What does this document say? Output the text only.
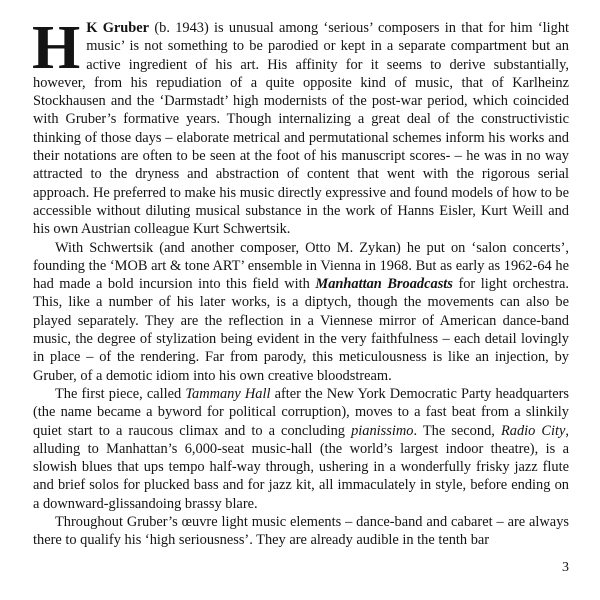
H K Gruber (b. 1943) is unusual among ‘serious’ composers in that for him ‘light music’ is not something to be parodied or kept in a separate compartment but an active ingredient of his art. His affinity for it seems to derive substantially, however, from his repudiation of a quite opposite kind of music, that of Karlheinz Stockhausen and the ‘Darmstadt’ high modernists of the post-war period, which coincided with Gruber’s formative years. Though internalizing a great deal of the constructivistic thinking of those days – elaborate metrical and permutational schemes inform his works and their notations are often to be seen at the foot of his manuscript scores- – he was in no way attracted to the dryness and abstraction of content that went with the rigorous serial approach. He preferred to make his music directly expressive and found models of how to be accessible without diluting musical substance in the work of Hanns Eisler, Kurt Weill and his own Austrian colleague Kurt Schwertsik.

With Schwertsik (and another composer, Otto M. Zykan) he put on ‘salon concerts’, founding the ‘MOB art & tone ART’ ensemble in Vienna in 1968. But as early as 1962-64 he had made a bold incursion into this field with Manhattan Broadcasts for light orchestra. This, like a number of his later works, is a diptych, though the movements can also be played separately. They are the reflection in a Viennese mirror of American dance-band music, the degree of stylization being evident in the very faithfulness – each detail lovingly in place – of the rendering. Far from parody, this meticulousness is like an injection, by Gruber, of a demotic idiom into his own creative bloodstream.

The first piece, called Tammany Hall after the New York Democratic Party headquarters (the name became a byword for political corruption), moves to a fast beat from a slinkily quiet start to a raucous climax and to a concluding pianissimo. The second, Radio City, alluding to Manhattan’s 6,000-seat music-hall (the world’s largest indoor theatre), is a slowish blues that ups tempo half-way through, ushering in a wonderfully frisky jazz flute and brief solos for plucked bass and for jazz kit, all immaculately in style, before ending on a downward-glissandoing brassy blare.

Throughout Gruber’s œuvre light music elements – dance-band and cabaret – are always there to qualify his ‘high seriousness’. They are already audible in the tenth bar

3
